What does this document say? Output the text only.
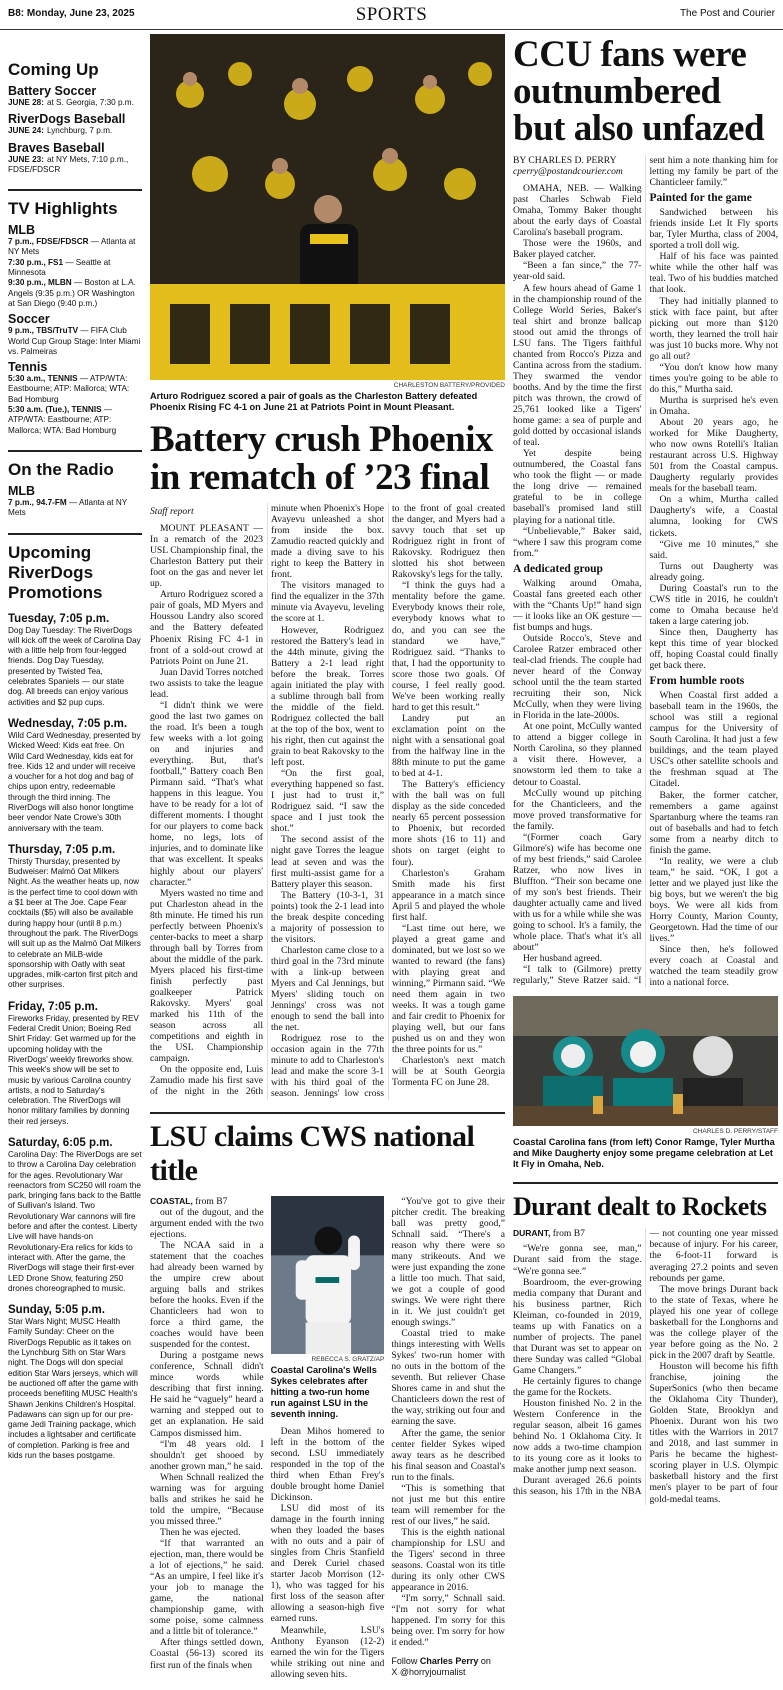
B8: Monday, June 23, 2025	SPORTS	The Post and Courier
Coming Up
Battery Soccer

JUNE 28: at S. Georgia, 7:30 p.m.

RiverDogs Baseball

JUNE 24: Lynchburg, 7 p.m.

Braves Baseball

JUNE 23: at NY Mets, 7:10 p.m., FDSE/FDSCR

TV Highlights
MLB

7 p.m., FDSE/FDSCR — Atlanta at NY Mets

7:30 p.m., FS1 — Seattle at Minnesota

9:30 p.m., MLBN — Boston at L.A. Angels (9:35 p.m.) OR Washington at San Diego (9:40 p.m.)

Soccer

9 p.m., TBS/TruTV — FIFA Club World Cup Group Stage: Inter Miami vs. Palmeiras

Tennis

5:30 a.m., TENNIS — ATP/WTA: Eastbourne; ATP: Mallorca; WTA: Bad Homburg

5:30 a.m. (Tue.), TENNIS — ATP/WTA: Eastbourne; ATP: Mallorca; WTA: Bad Homburg

On the Radio
MLB

7 p.m., 94.7-FM — Atlanta at NY Mets

Upcoming RiverDogs Promotions
Tuesday, 7:05 p.m.

Dog Day Tuesday: The RiverDogs will kick off the week of Carolina Day with a little help from four-legged friends. Dog Day Tuesday, presented by Twisted Tea, celebrates Spaniels — our state dog. All breeds can enjoy various activities and $2 pup cups.

Wednesday, 7:05 p.m.

Wild Card Wednesday, presented by Wicked Weed: Kids eat free. On Wild Card Wednesday, kids eat for free. Kids 12 and under will receive a voucher for a hot dog and bag of chips upon entry, redeemable through the third inning. The RiverDogs will also honor longtime beer vendor Nate Crowe's 30th anniversary with the team.

Thursday, 7:05 p.m.

Thirsty Thursday, presented by Budweiser: Malmö Oat Milkers Night. As the weather heats up, now is the perfect time to cool down with a $1 beer at The Joe. Cape Fear cocktails ($5) will also be available during happy hour (until 8 p.m.) throughout the park. The RiverDogs will suit up as the Malmö Oat Milkers to celebrate an MiLB-wide sponsorship with Oatly with seat upgrades, milk-carton first pitch and other surprises.

Friday, 7:05 p.m.

Fireworks Friday, presented by REV Federal Credit Union; Boeing Red Shirt Friday: Get warmed up for the upcoming holiday with the RiverDogs' weekly fireworks show. This week's show will be set to music by various Carolina country artists, a nod to Saturday's celebration. The RiverDogs will honor military families by donning their red jerseys.

Saturday, 6:05 p.m.

Carolina Day: The RiverDogs are set to throw a Carolina Day celebration for the ages. Revolutionary War reenactors from SC250 will roam the park, bringing fans back to the Battle of Sullivan's Island. Two Revolutionary War cannons will fire before and after the contest. Liberty Live will have hands-on Revolutionary-Era relics for kids to interact with. After the game, the RiverDogs will stage their first-ever LED Drone Show, featuring 250 drones choreographed to music.

Sunday, 5:05 p.m.

Star Wars Night; MUSC Health Family Sunday: Cheer on the RiverDogs Republic as it takes on the Lynchburg Sith on Star Wars night. The Dogs will don special edition Star Wars jerseys, which will be auctioned off after the game with proceeds benefiting MUSC Health's Shawn Jenkins Children's Hospital. Padawans can sign up for our pre-game Jedi Training package, which includes a lightsaber and certificate of completion. Parking is free and kids run the bases postgame.

CHARLESTON BATTERY/PROVIDED
Arturo Rodriguez scored a pair of goals as the Charleston Battery defeated Phoenix Rising FC 4-1 on June 21 at Patriots Point in Mount Pleasant.
Battery crush Phoenix in rematch of ’23 final

Staff report

MOUNT PLEASANT — In a rematch of the 2023 USL Championship final, the Charleston Battery put their foot on the gas and never let up.

Arturo Rodriguez scored a pair of goals, MD Myers and Houssou Landry also scored and the Battery defeated Phoenix Rising FC 4-1 in front of a sold-out crowd at Patriots Point on June 21.

Juan David Torres notched two assists to take the league lead.

“I didn't think we were good the last two games on the road. It's been a tough few weeks with a lot going on and injuries and everything. But, that's football,” Battery coach Ben Pirmann said. “That's what happens in this league. You have to be ready for a lot of different moments. I thought for our players to come back home, no legs, lots of injuries, and to dominate like that was excellent. It speaks highly about our players' character.”

Myers wasted no time and put Charleston ahead in the 8th minute. He timed his run perfectly between Phoenix's center-backs to meet a sharp through ball by Torres from about the middle of the park. Myers placed his first-time finish perfectly past goalkeeper Patrick Rakovsky. Myers' goal marked his 11th of the season across all competitions and eighth in the USL Championship campaign.

On the opposite end, Luis Zamudio made his first save of the night in the 26th minute when Phoenix's Hope Avayevu unleashed a shot from inside the box. Zamudio reacted quickly and made a diving save to his right to keep the Battery in front.

The visitors managed to find the equalizer in the 37th minute via Avayevu, leveling the score at 1.

However, Rodriguez restored the Battery's lead in the 44th minute, giving the Battery a 2-1 lead right before the break. Torres again initiated the play with a sublime through ball from the middle of the field. Rodriguez collected the ball at the top of the box, went to his right, then cut against the grain to beat Rakovsky to the left post.

“On the first goal, everything happened so fast. I just had to trust it,” Rodriguez said. “I saw the space and I just took the shot.”

The second assist of the night gave Torres the league lead at seven and was the first multi-assist game for a Battery player this season.

The Battery (10-3-1, 31 points) took the 2-1 lead into the break despite conceding a majority of possession to the visitors.

Charleston came close to a third goal in the 73rd minute with a link-up between Myers and Cal Jennings, but Myers' sliding touch on Jennings' cross was not enough to send the ball into the net.

Rodriguez rose to the occasion again in the 77th minute to add to Charleston's lead and make the score 3-1 with his third goal of the season. Jennings' low cross to the front of goal created the danger, and Myers had a savvy touch that set up Rodriguez right in front of Rakovsky. Rodriguez then slotted his shot between Rakovsky's legs for the tally.

“I think the guys had a mentality before the game. Everybody knows their role, everybody knows what to do, and you can see the standard we have,” Rodriguez said. “Thanks to that, I had the opportunity to score those two goals. Of course, I feel really good. We've been working really hard to get this result.”

Landry put an exclamation point on the night with a sensational goal from the halfway line in the 88th minute to put the game to bed at 4-1.

The Battery's efficiency with the ball was on full display as the side conceded nearly 65 percent possession to Phoenix, but recorded more shots (16 to 11) and shots on target (eight to four).

Charleston's Graham Smith made his first appearance in a match since April 5 and played the whole first half.

“Last time out here, we played a great game and dominated, but we lost so we wanted to reward (the fans) with playing great and winning,” Pirmann said. “We need them again in two weeks. It was a tough game and fair credit to Phoenix for playing well, but our fans pushed us on and they won the three points for us.”

Charleston's next match will be at South Georgia Tormenta FC on June 28.

LSU claims CWS national title

COASTAL, from B7

out of the dugout, and the argument ended with the two ejections.

The NCAA said in a statement that the coaches had already been warned by the umpire crew about arguing balls and strikes before the hooks. Even if the Chanticleers had won to force a third game, the coaches would have been suspended for the contest.

During a postgame news conference, Schnall didn't mince words while describing that first inning. He said he “vaguely” heard a warning and stepped out to get an explanation. He said Campos dismissed him.

“I'm 48 years old. I shouldn't get shooed by another grown man,” he said.

When Schnall realized the warning was for arguing balls and strikes he said he told the umpire, “Because you missed three.”

Then he was ejected.

“If that warranted an ejection, man, there would be a lot of ejections,” he said. “As an umpire, I feel like it's your job to manage the game, the national championship game, with some poise, some calmness and a little bit of tolerance.”

After things settled down, Coastal (56-13) scored its first run of the finals when

REBECCA S. GRATZ/AP
Coastal Carolina's Wells Sykes celebrates after hitting a two-run home run against LSU in the seventh inning.

Dean Mihos homered to left in the bottom of the second. LSU immediately responded in the top of the third when Ethan Frey's double brought home Daniel Dickinson.

LSU did most of its damage in the fourth inning when they loaded the bases with no outs and a pair of singles from Chris Stanfield and Derek Curiel chased starter Jacob Morrison (12-1), who was tagged for his first loss of the season after allowing a season-high five earned runs.

Meanwhile, LSU's Anthony Eyanson (12-2) earned the win for the Tigers while striking out nine and allowing seven hits.

“You've got to give their pitcher credit. The breaking ball was pretty good,” Schnall said. “There's a reason why there were so many strikeouts. And we were just expanding the zone a little too much. That said, we got a couple of good swings. We were right there in it. We just couldn't get enough swings.”

Coastal tried to make things interesting with Wells Sykes' two-run homer with no outs in the bottom of the seventh. But reliever Chase Shores came in and shut the Chanticleers down the rest of the way, striking out four and earning the save.

After the game, the senior center fielder Sykes wiped away tears as he described his final season and Coastal's run to the finals.

“This is something that not just me but this entire team will remember for the rest of our lives,” he said.

This is the eighth national championship for LSU and the Tigers' second in three seasons. Coastal won its title during its only other CWS appearance in 2016.

“I'm sorry,” Schnall said. “I'm not sorry for what happened. I'm sorry for this being over. I'm sorry for how it ended.”

Follow Charles Perry on
X @horryjournalist

CCU fans were outnumbered but also unfazed

BY CHARLES D. PERRY

cperry@postandcourier.com

OMAHA, NEB. — Walking past Charles Schwab Field Omaha, Tommy Baker thought about the early days of Coastal Carolina's baseball program.

Those were the 1960s, and Baker played catcher.

“Been a fan since,” the 77-year-old said.

A few hours ahead of Game 1 in the championship round of the College World Series, Baker's teal shirt and bronze ballcap stood out amid the throngs of LSU fans. The Tigers faithful chanted from Rocco's Pizza and Cantina across from the stadium. They swarmed the vendor booths. And by the time the first pitch was thrown, the crowd of 25,761 looked like a Tigers' home game: a sea of purple and gold dotted by occasional islands of teal.

Yet despite being outnumbered, the Coastal fans who took the flight — or made the long drive — remained grateful to be in college baseball's promised land still playing for a national title.

“Unbelievable,” Baker said, “where I saw this program come from.”

A dedicated group

Walking around Omaha, Coastal fans greeted each other with the “Chants Up!” hand sign — it looks like an OK gesture — fist bumps and hugs.

Outside Rocco's, Steve and Carolee Ratzer embraced other teal-clad friends. The couple had never heard of the Conway school until the the team started recruiting their son, Nick McCully, when they were living in Florida in the late-2000s.

At one point, McCully wanted to attend a bigger college in North Carolina, so they planned a visit there. However, a snowstorm led them to take a detour to Coastal.

McCully wound up pitching for the Chanticleers, and the move proved transformative for the family.

“(Former coach Gary Gilmore's) wife has become one of my best friends,” said Carolee Ratzer, who now lives in Bluffton. “Their son became one of my son's best friends. Their daughter actually came and lived with us for a while while she was going to school. It's a family, the whole place. That's what it's all about”

Her husband agreed.

“I talk to (Gilmore) pretty regularly,” Steve Ratzer said. “I sent him a note thanking him for letting my family be part of the Chanticleer family.”

Painted for the game

Sandwiched between his friends inside Let It Fly sports bar, Tyler Murtha, class of 2004, sported a troll doll wig.

Half of his face was painted white while the other half was teal. Two of his buddies matched that look.

They had initially planned to stick with face paint, but after picking out more than $120 worth, they learned the troll hair was just 10 bucks more. Why not go all out?

“You don't know how many times you're going to be able to do this,” Murtha said.

Murtha is surprised he's even in Omaha.

About 20 years ago, he worked for Mike Daugherty, who now owns Rotelli's Italian restaurant across U.S. Highway 501 from the Coastal campus. Daugherty regularly provides meals for the baseball team.

On a whim, Murtha called Daugherty's wife, a Coastal alumna, looking for CWS tickets.

“Give me 10 minutes,” she said.

Turns out Daugherty was already going.

During Coastal's run to the CWS title in 2016, he couldn't come to Omaha because he'd taken a large catering job.

Since then, Daugherty has kept this time of year blocked off, hoping Coastal could finally get back there.

From humble roots

When Coastal first added a baseball team in the 1960s, the school was still a regional campus for the University of South Carolina. It had just a few buildings, and the team played USC's other satellite schools and the freshman squad at The Citadel.

Baker, the former catcher, remembers a game against Spartanburg where the teams ran out of baseballs and had to fetch some from a nearby ditch to finish the game.

“In reality, we were a club team,” he said. “OK, I got a letter and we played just like the big boys, but we weren't the big boys. We were all kids from Horry County, Marion County, Georgetown. Had the time of our lives.”

Since then, he's followed every coach at Coastal and watched the team steadily grow into a national force.

CHARLES D. PERRY/STAFF
Coastal Carolina fans (from left) Conor Ramge, Tyler Murtha and Mike Daugherty enjoy some pregame celebration at Let It Fly in Omaha, Neb.
Durant dealt to Rockets

DURANT, from B7

“We're gonna see, man,” Durant said from the stage. “We're gonna see.”

Boardroom, the ever-growing media company that Durant and his business partner, Rich Kleiman, co-founded in 2019, teams up with Fanatics on a number of projects. The panel that Durant was set to appear on there Sunday was called “Global Game Changers.”

He certainly figures to change the game for the Rockets.

Houston finished No. 2 in the Western Conference in the regular season, albeit 16 games behind No. 1 Oklahoma City. It now adds a two-time champion to its young core as it looks to make another jump next season.

Durant averaged 26.6 points this season, his 17th in the NBA — not counting one year missed because of injury. For his career, the 6-foot-11 forward is averaging 27.2 points and seven rebounds per game.

The move brings Durant back to the state of Texas, where he played his one year of college basketball for the Longhorns and was the college player of the year before going as the No. 2 pick in the 2007 draft by Seattle.

Houston will become his fifth franchise, joining the SuperSonics (who then became the Oklahoma City Thunder), Golden State, Brooklyn and Phoenix. Durant won his two titles with the Warriors in 2017 and 2018, and last summer in Paris he became the highest-scoring player in U.S. Olympic basketball history and the first men's player to be part of four gold-medal teams.
